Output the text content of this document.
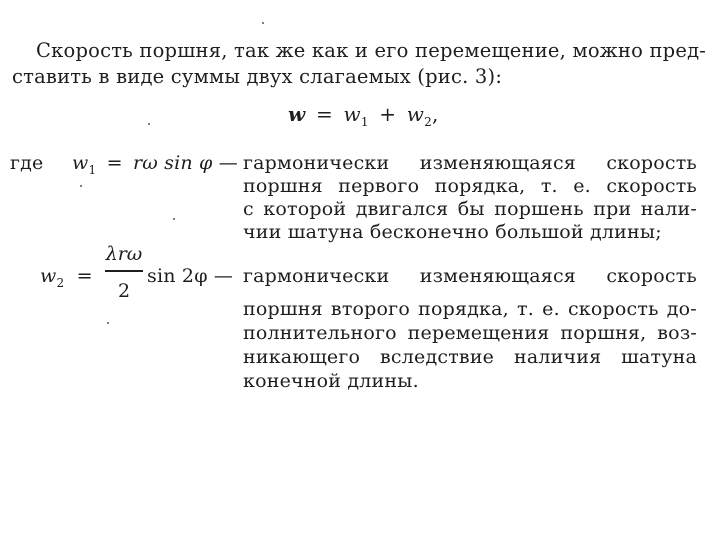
Скорость поршня, так же как и его перемещение, можно пред-
ставить в виде суммы двух слагаемых (рис. 3):
$w = w_1 + w_2$,
где $w_1 = r\omega$ sin φ — гармонически изменяющаяся скорость
поршня первого порядка, т. е. скорость
с которой двигался бы поршень при нали-
чии шатуна бесконечно большой длины;
$w_2$ =
λrω
2
sin 2φ — гармонически изменяющаяся скорость
поршня второго порядка, т. е. скорость до-
полнительного перемещения поршня, воз-
никающего вследствие наличия шатуна
конечной длины.
